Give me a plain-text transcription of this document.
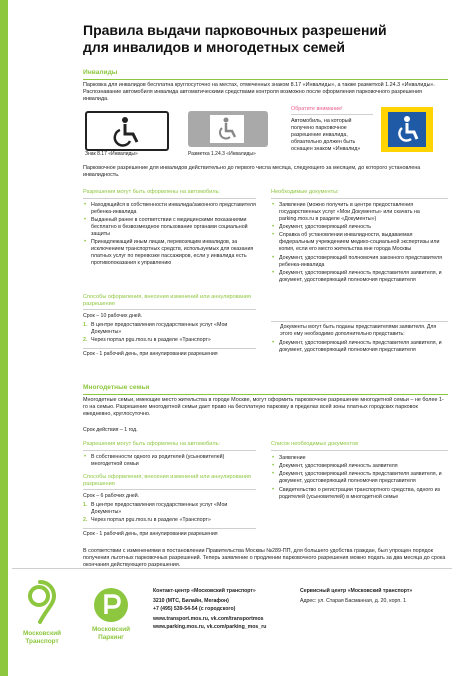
Правила выдачи парковочных разрешений
для инвалидов и многодетных семей
Инвалиды
Парковка для инвалидов бесплатна круглосуточно на местах, отмеченных знаком 8.17 «Инвалиды», а также разметкой 1.24.3 «Инвалиды». Распознавание автомобиля инвалида автоматическими средствами контроля возможно после оформления парковочного разрешения инвалида.
Знак 8.17 «Инвалиды»	Разметка 1.24.3 «Инвалиды»
Обратите внимание!
Автомобиль, на который получено парковочное разрешение инвалида, обязательно должен быть оснащен знаком «Инвалид»
Парковочное разрешение для инвалидов действительно до первого числа месяца, следующего за месяцем, до которого установлена инвалидность.
Разрешения могут быть оформлены на автомобиль:
• Находящийся в собственности инвалида/законного представителя ребенка-инвалида
• Выданный ранее в соответствии с медицинскими показаниями бесплатно в безвозмездное пользование органами социальной защиты
• Принадлежащий иным лицам, перевозящим инвалидов, за исключением транспортных средств, используемых для оказания платных услуг по перевозке пассажиров, если у инвалида есть противопоказания к управлению
Способы оформления, внесения изменений или аннулирования разрешения
Срок – 10 рабочих дней.
1. В центре предоставления государственных услуг «Мои Документы»
2. Через портал pgu.mos.ru в разделе «Транспорт»
Срок - 1 рабочий день, при аннулировании разрешения
Необходимые документы:
• Заявление (можно получить в центре предоставления государственных услуг «Мои Документы» или скачать на parking.mos.ru в разделе «Документы»)
• Документ, удостоверяющий личность
• Справка об установлении инвалидности, выдаваемая федеральным учреждением медико-социальной экспертизы или копия, если его место жительства вне города Москвы
• Документ, удостоверяющий полномочия законного представителя ребенка-инвалида
• Документ, удостоверяющий личность представителя заявителя, и документ, удостоверяющий полномочия представителя
Документы могут быть поданы представителями заявителя. Для этого ему необходимо дополнительно представить:
• Документ, удостоверяющий личность представителя заявителя, и документ, удостоверяющий полномочия представителя
Многодетные семьи
Многодетные семьи, имеющие место жительства в городе Москве, могут оформить парковочное разрешение многодетной семьи – не более 1-го на семью. Разрешение многодетной семьи дает право на бесплатную парковку в пределах всей зоны платных городских парковок ежедневно, круглосуточно.
Срок действия – 1 год.
Разрешения могут быть оформлены на автомобиль:
• В собственности одного из родителей (усыновителей) многодетной семьи
Способы оформления, внесения изменений или аннулирования разрешения
Срок – 6 рабочих дней.
1. В центре предоставления государственных услуг «Мои Документы»
2. Через портал pgu.mos.ru в разделе «Транспорт»
Срок - 1 рабочий день, при аннулировании разрешения
Список необходимых документов
• Заявление
• Документ, удостоверяющий личность заявителя
• Документ, удостоверяющий личность представителя заявителя, и документ, удостоверяющий полномочия представителя
• Свидетельство о регистрации транспортного средства, одного из родителей (усыновителей) в многодетной семье
В соответствии с изменениями в постановлении Правительства Москвы №289-ПП, для большего удобства граждан, был упрощен порядок получения льготных парковочных разрешений. Теперь заявление о продлении парковочного разрешения можно подать за два месяца до срока окончания действующего разрешения.
Московский
Транспорт
Московский
Паркинг
Контакт-центр «Московский транспорт»
3210 (МТС, Билайн, Мегафон)
+7 (495) 539-54-54 (с городского)
www.transport.mos.ru, vk.com/transportmos
www.parking.mos.ru, vk.com/parking_mos_ru
Сервисный центр «Московский транспорт»
Адрес: ул. Старая Басманная, д. 20, корп. 1
